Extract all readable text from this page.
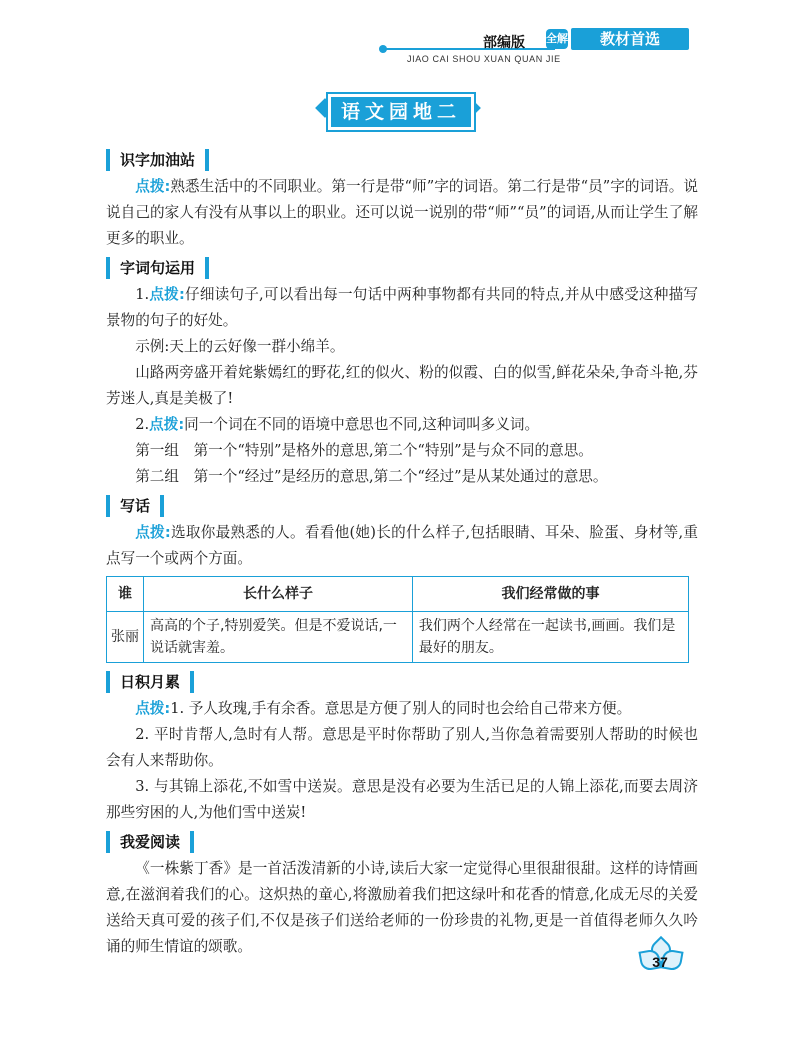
部编版
JIAO CAI SHOU XUAN QUAN JIE
全解	教材首选
语文园地二
识字加油站

点拨:熟悉生活中的不同职业。第一行是带“师”字的词语。第二行是带“员”字的词语。说说自己的家人有没有从事以上的职业。还可以说一说别的带“师”“员”的词语,从而让学生了解更多的职业。

字词句运用

1.点拨:仔细读句子,可以看出每一句话中两种事物都有共同的特点,并从中感受这种描写景物的句子的好处。

示例:天上的云好像一群小绵羊。

山路两旁盛开着姹紫嫣红的野花,红的似火、粉的似霞、白的似雪,鲜花朵朵,争奇斗艳,芬芳迷人,真是美极了!

2.点拨:同一个词在不同的语境中意思也不同,这种词叫多义词。

第一组　第一个“特别”是格外的意思,第二个“特别”是与众不同的意思。

第二组　第一个“经过”是经历的意思,第二个“经过”是从某处通过的意思。

写话

点拨:选取你最熟悉的人。看看他(她)长的什么样子,包括眼睛、耳朵、脸蛋、身材等,重点写一个或两个方面。

谁	长什么样子	我们经常做的事
张丽	高高的个子,特别爱笑。但是不爱说话,一说话就害羞。	我们两个人经常在一起读书,画画。我们是最好的朋友。
日积月累

点拨:1. 予人玫瑰,手有余香。意思是方便了别人的同时也会给自己带来方便。

2. 平时肯帮人,急时有人帮。意思是平时你帮助了别人,当你急着需要别人帮助的时候也会有人来帮助你。

3. 与其锦上添花,不如雪中送炭。意思是没有必要为生活已足的人锦上添花,而要去周济那些穷困的人,为他们雪中送炭!

我爱阅读

《一株紫丁香》是一首活泼清新的小诗,读后大家一定觉得心里很甜很甜。这样的诗情画意,在滋润着我们的心。这炽热的童心,将激励着我们把这绿叶和花香的情意,化成无尽的关爱送给天真可爱的孩子们,不仅是孩子们送给老师的一份珍贵的礼物,更是一首值得老师久久吟诵的师生情谊的颂歌。

37
